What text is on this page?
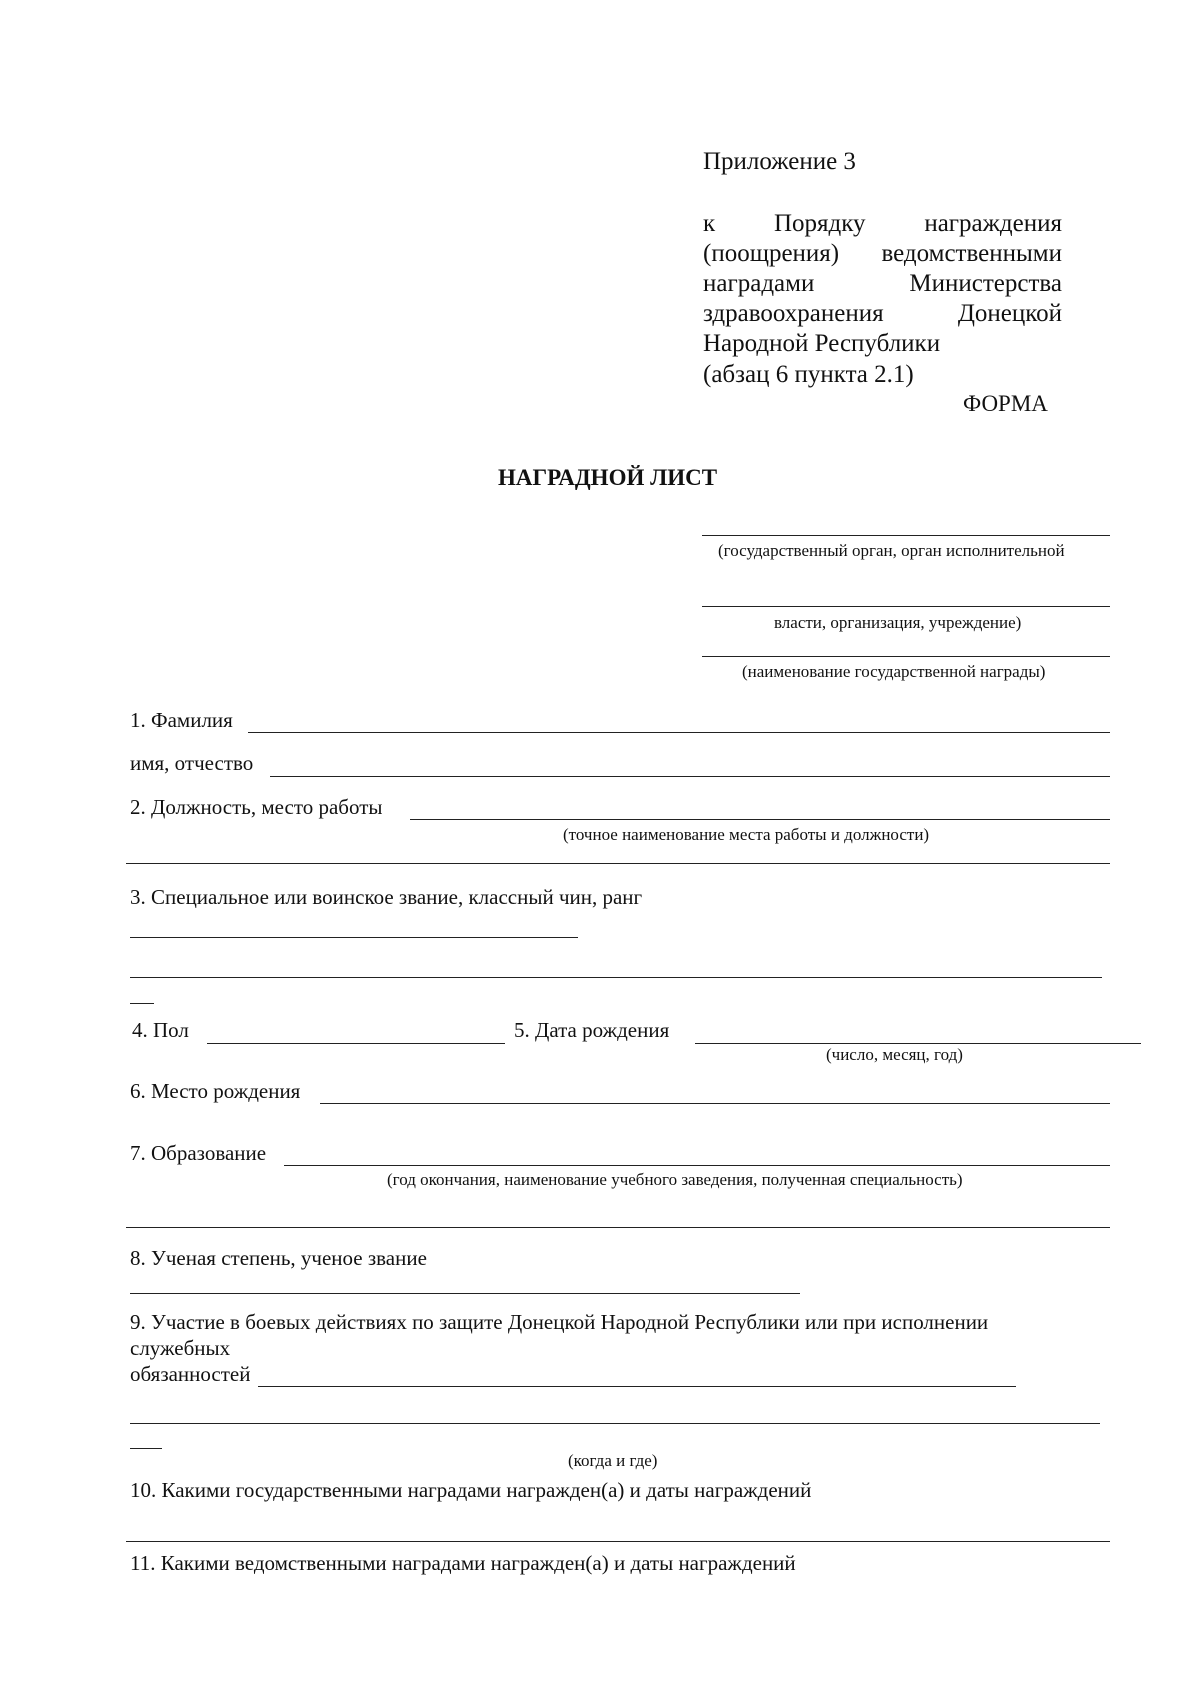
Приложение 3
к Порядку награждения
(поощрения) ведомственными
наградами	Министерства
здравоохранения	Донецкой
Народной Республики
(абзац 6 пункта 2.1)
ФОРМА
НАГРАДНОЙ ЛИСТ
(государственный орган, орган исполнительной
власти, организация, учреждение)
(наименование государственной награды)
1. Фамилия
имя, отчество
2. Должность, место работы
(точное наименование места работы и должности)
3. Специальное или воинское звание, классный чин, ранг
4. Пол	5. Дата рождения
(число, месяц, год)
6. Место рождения
7. Образование
(год окончания, наименование учебного заведения, полученная специальность)
8. Ученая степень, ученое звание
9. Участие в боевых действиях по защите Донецкой Народной Республики или при исполнении
служебных
обязанностей
(когда и где)
10. Какими государственными наградами награжден(а) и даты награждений
11. Какими ведомственными наградами награжден(а) и даты награждений
